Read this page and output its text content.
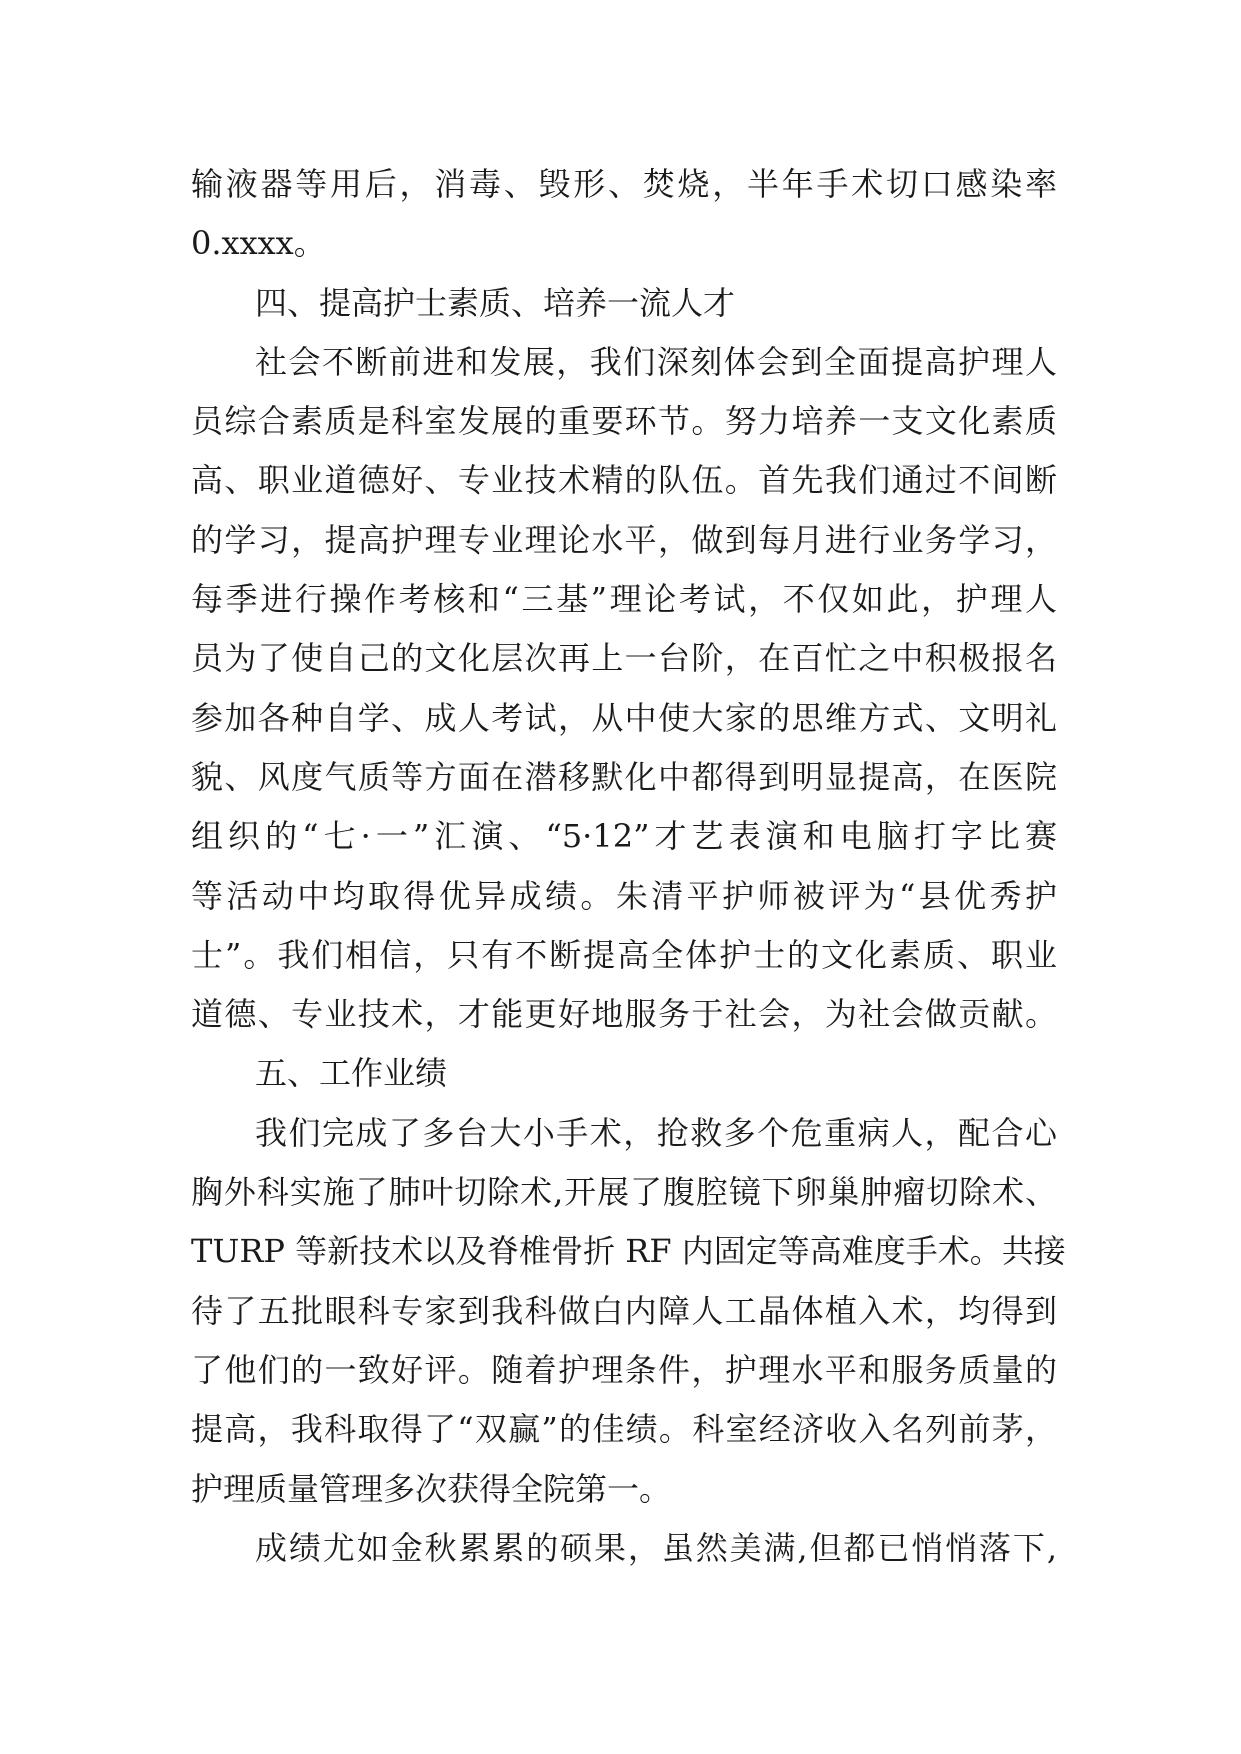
输液器等用后，消毒、毁形、焚烧，半年手术切口感染率
0.xxxx。
四、提高护士素质、培养一流人才
社会不断前进和发展，我们深刻体会到全面提高护理人
员综合素质是科室发展的重要环节。努力培养一支文化素质
高、职业道德好、专业技术精的队伍。首先我们通过不间断
的学习，提高护理专业理论水平，做到每月进行业务学习，
每季进行操作考核和“三基”理论考试，不仅如此，护理人
员为了使自己的文化层次再上一台阶，在百忙之中积极报名
参加各种自学、成人考试，从中使大家的思维方式、文明礼
貌、风度气质等方面在潜移默化中都得到明显提高，在医院
组织的“七·一”汇演、“5·12”才艺表演和电脑打字比赛
等活动中均取得优异成绩。朱清平护师被评为“县优秀护
士”。我们相信，只有不断提高全体护士的文化素质、职业
道德、专业技术，才能更好地服务于社会，为社会做贡献。
五、工作业绩
我们完成了多台大小手术，抢救多个危重病人，配合心
胸外科实施了肺叶切除术,开展了腹腔镜下卵巢肿瘤切除术、
TURP 等新技术以及脊椎骨折 RF 内固定等高难度手术。共接
待了五批眼科专家到我科做白内障人工晶体植入术，均得到
了他们的一致好评。随着护理条件，护理水平和服务质量的
提高，我科取得了“双赢”的佳绩。科室经济收入名列前茅，
护理质量管理多次获得全院第一。
成绩尤如金秋累累的硕果，虽然美满,但都已悄悄落下,
